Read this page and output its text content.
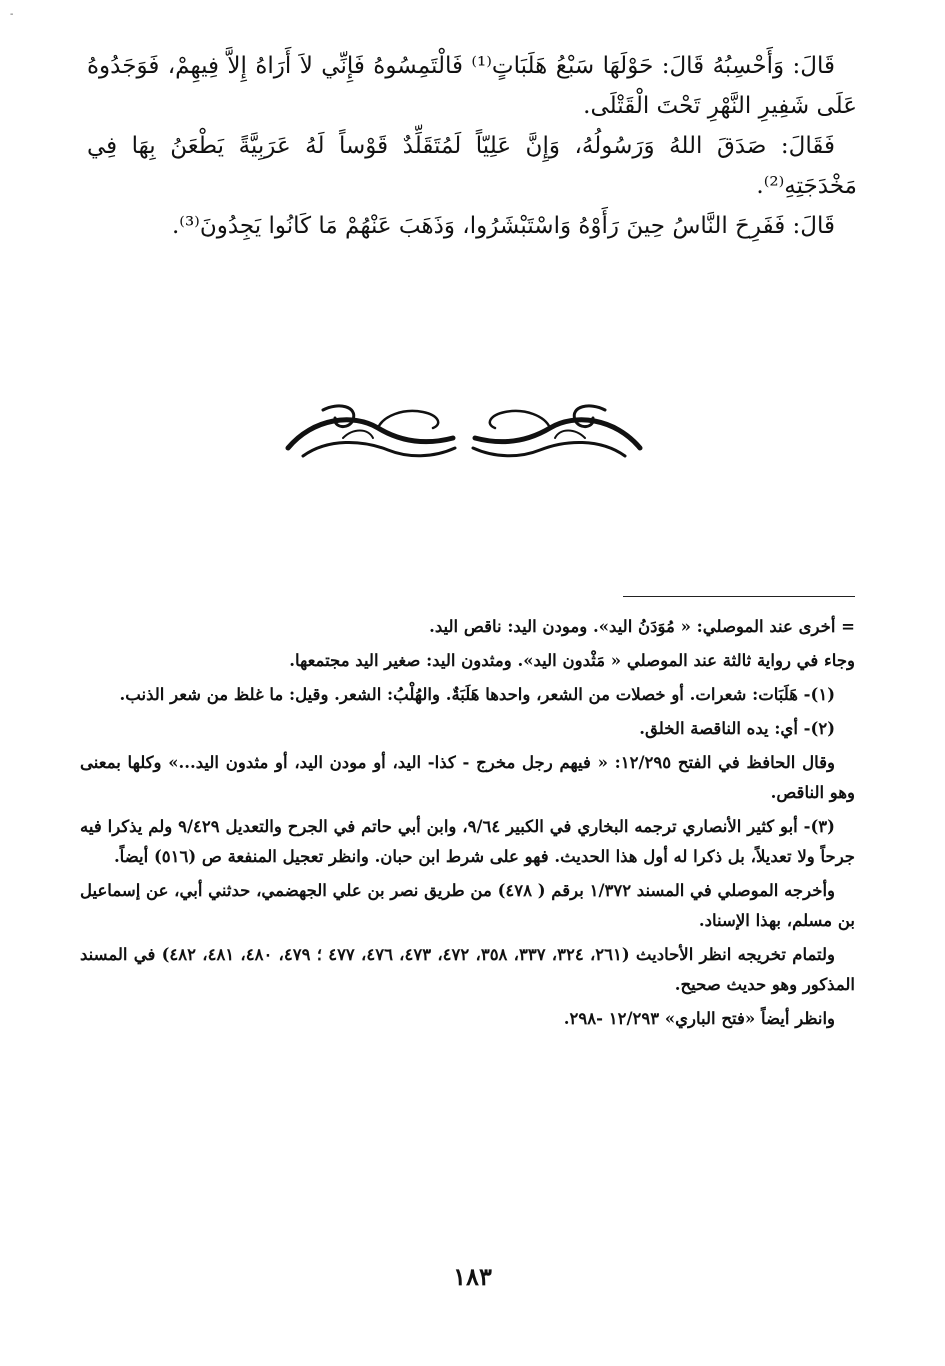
-

قَالَ: وَأَحْسِبُهُ قَالَ: حَوْلَهَا سَبْعُ هَلَبَاتٍ⁽¹⁾ فَالْتَمِسُوهُ فَإِنِّي لاَ أَرَاهُ إِلاَّ فِيهِمْ، فَوَجَدُوهُ عَلَى شَفِيرِ النَّهْرِ تَحْتَ الْقَتْلَى.

فَقَالَ: صَدَقَ اللهُ وَرَسُولُهُ، وَإِنَّ عَلِيّاً لَمُتَقَلِّدٌ قَوْساً لَهُ عَرَبِيَّةً يَطْعَنُ بِهَا فِي مَخْدَجَتِهِ⁽²⁾.

قَالَ: فَفَرِحَ النَّاسُ حِينَ رَأَوْهُ وَاسْتَبْشَرُوا، وَذَهَبَ عَنْهُمْ مَا كَانُوا يَجِدُونَ⁽³⁾.

= أخرى عند الموصلي: « مُوَدَنُ اليد». ومودن اليد: ناقص اليد.

وجاء في رواية ثالثة عند الموصلي « مَثْدون اليد». ومثدون اليد: صغير اليد مجتمعها.

(١)- هَلَبَات: شعرات. أو خصلات من الشعر، واحدها هَلَبَةٌ. والهُلْبُ: الشعر. وقيل: ما غلظ من شعر الذنب.

(٢)- أي: يده الناقصة الخلق.

وقال الحافظ في الفتح ١٢/٢٩٥: « فيهم رجل مخرج - كذا- اليد، أو مودن اليد، أو مثدون اليد...» وكلها بمعنى وهو الناقص.

(٣)- أبو كثير الأنصاري ترجمه البخاري في الكبير ٩/٦٤، وابن أبي حاتم في الجرح والتعديل ٩/٤٢٩ ولم يذكرا فيه جرحاً ولا تعديلاً، بل ذكرا له أول هذا الحديث. فهو على شرط ابن حبان. وانظر تعجيل المنفعة ص (٥١٦) أيضاً.

وأخرجه الموصلي في المسند ١/٣٧٢ برقم ( ٤٧٨) من طريق نصر بن علي الجهضمي، حدثني أبي، عن إسماعيل بن مسلم، بهذا الإسناد.

ولتمام تخريجه انظر الأحاديث (٢٦١، ٣٢٤، ٣٣٧، ٣٥٨، ٤٧٢، ٤٧٣، ٤٧٦، ٤٧٧ ؛ ٤٧٩، ٤٨٠، ٤٨١، ٤٨٢) في المسند المذكور وهو حديث صحيح.

وانظر أيضاً «فتح الباري» ١٢/٢٩٣ -٢٩٨.

١٨٣
